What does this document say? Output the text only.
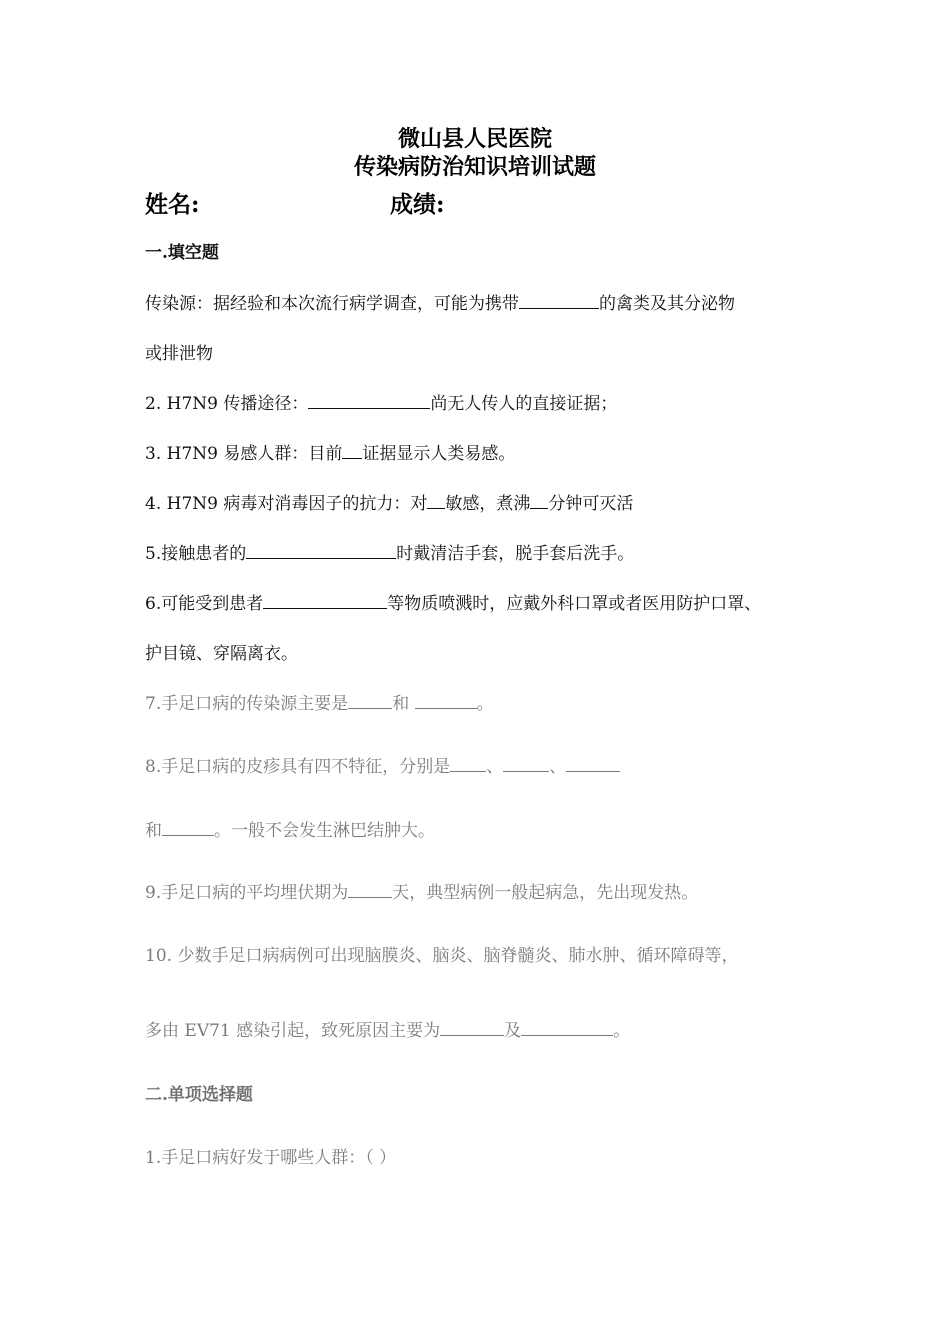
微山县人民医院
传染病防治知识培训试题
姓名:	成绩:
一.填空题
传染源：据经验和本次流行病学调查，可能为携带	的禽类及其分泌物
或排泄物
2. H7N9 传播途径：	尚无人传人的直接证据；
3. H7N9 易感人群：目前 证据显示人类易感。
4. H7N9 病毒对消毒因子的抗力：对 敏感，煮沸 分钟可灭活
5.接触患者的	时戴清洁手套，脱手套后洗手。
6.可能受到患者	等物质喷溅时，应戴外科口罩或者医用防护口罩、
护目镜、穿隔离衣。
7.手足口病的传染源主要是	和	。
8.手足口病的皮疹具有四不特征，分别是 、	、
和	。一般不会发生淋巴结肿大。
9.手足口病的平均埋伏期为	天，典型病例一般起病急，先出现发热。
10. 少数手足口病病例可出现脑膜炎、脑炎、脑脊髓炎、肺水肿、循环障碍等，
多由 EV71 感染引起，致死原因主要为	及	。
二.单项选择题
1.手足口病好发于哪些人群：（ ）
